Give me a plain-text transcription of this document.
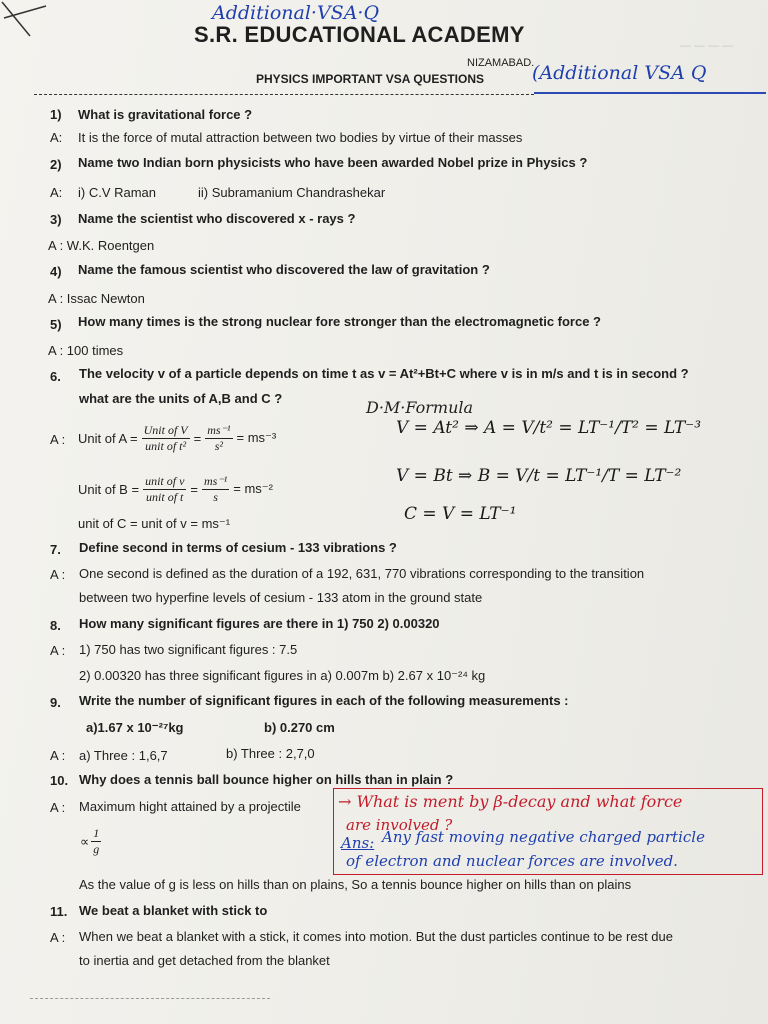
— — — —
Additional·VSA·Q
S.R. EDUCATIONAL ACADEMY
NIZAMABAD.
PHYSICS IMPORTANT VSA QUESTIONS	(Additional VSA Q
1) What is gravitational force ?
A: It is the force of mutal attraction between two bodies by virtue of their masses
2) Name two Indian born physicists who have been awarded Nobel prize in Physics ?
A: i) C.V Raman	ii) Subramanium Chandrashekar
3) Name the scientist who discovered x - rays ?
A : W.K. Roentgen
4) Name the famous scientist who discovered the law of gravitation ?
A : Issac Newton
5) How many times is the strong nuclear fore stronger than the electromagnetic force ?
A : 100 times
6. The velocity v of a particle depends on time t as v = At²+Bt+C where v is in m/s and t is in second ?
what are the units of A,B and C ?	D·M·Formula
A : Unit of $A = \frac{\text{Unit of V}}{\text{unit of t²}} = \frac{\text{ms⁻¹}}{\text{s²}} = ms^{-3}$	V = At² ⇒ A = V/t² = LT⁻¹/T² = LT⁻³
Unit of $B = \frac{\text{unit of v}}{\text{unit of t}} = \frac{\text{ms⁻¹}}{s} = ms^{-2}$
V = Bt ⇒ B = V/t = LT⁻¹/T = LT⁻²
unit of C = unit of v = ms⁻¹	C = V = LT⁻¹
7. Define second in terms of cesium - 133 vibrations ?
A : One second is defined as the duration of a 192, 631, 770 vibrations corresponding to the transition
between two hyperfine levels of cesium - 133 atom in the ground state
8. How many significant figures are there in 1) 750 2) 0.00320
A : 1) 750 has two significant figures : 7.5
2) 0.00320 has three significant figures in a) 0.007m b) 2.67 x 10⁻²⁴ kg
9. Write the number of significant figures in each of the following measurements :
a)1.67 x 10⁻²⁷kg	b) 0.270 cm
A : a) Three : 1,6,7	b) Three : 2,7,0
10. Why does a tennis ball bounce higher on hills than in plain ?
A : Maximum hight attained by a projectile
∝ $\frac{1}{g}$
→ What is ment by β-decay and what force
are involved ?
Ans: Any fast moving negative charged particle
of electron and nuclear forces are involved.
As the value of g is less on hills than on plains, So a tennis bounce higher on hills than on plains
11. We beat a blanket with stick to
A : When we beat a blanket with a stick, it comes into motion. But the dust particles continue to be rest due
to inertia and get detached from the blanket
